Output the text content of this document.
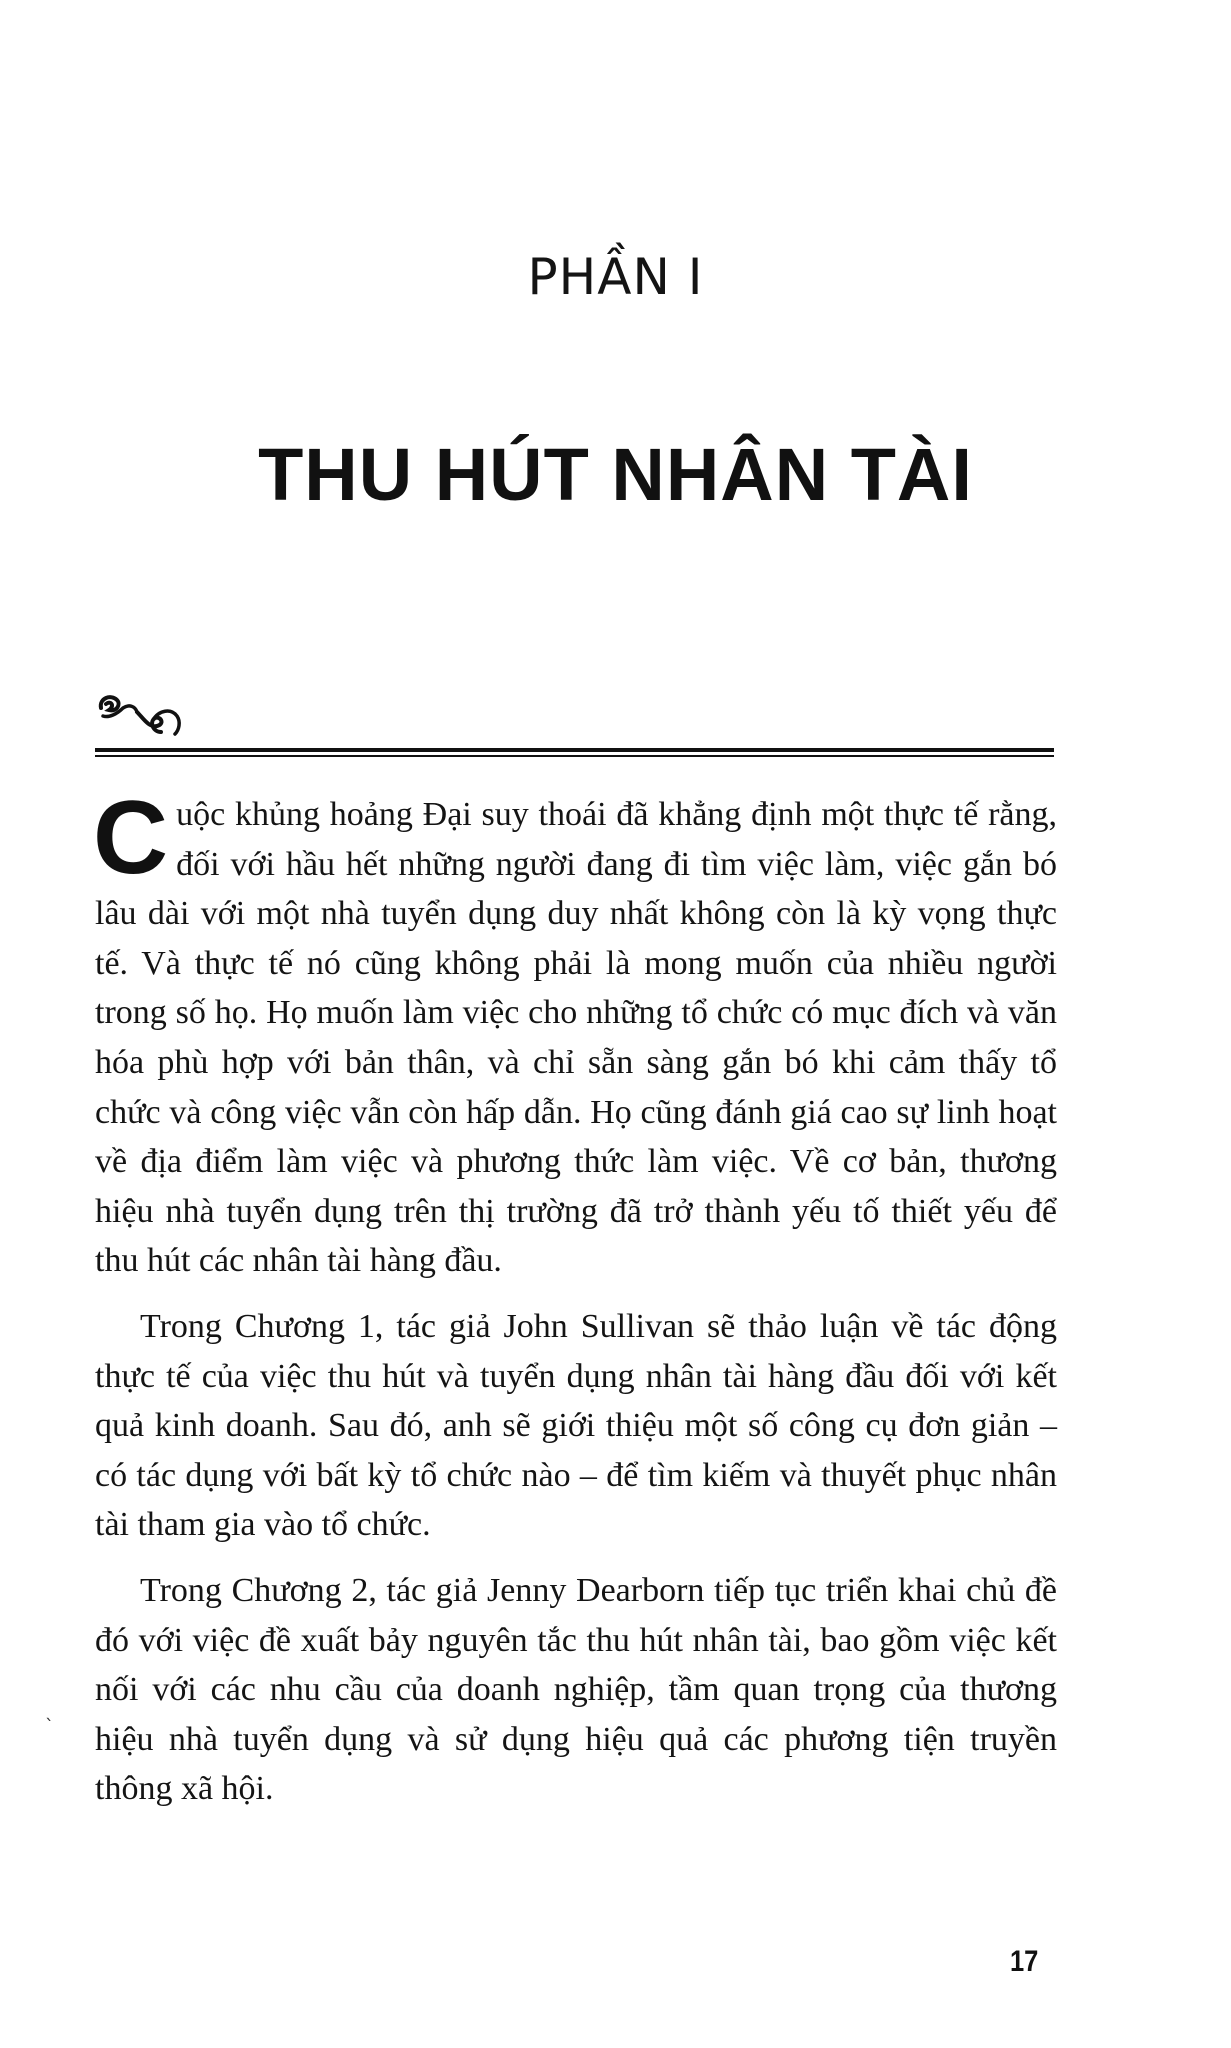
PHẦN I
THU HÚT NHÂN TÀI

Cuộc khủng hoảng Đại suy thoái đã khẳng định một thực tế rằng, đối với hầu hết những người đang đi tìm việc làm, việc gắn bó lâu dài với một nhà tuyển dụng duy nhất không còn là kỳ vọng thực tế. Và thực tế nó cũng không phải là mong muốn của nhiều người trong số họ. Họ muốn làm việc cho những tổ chức có mục đích và văn hóa phù hợp với bản thân, và chỉ sẵn sàng gắn bó khi cảm thấy tổ chức và công việc vẫn còn hấp dẫn. Họ cũng đánh giá cao sự linh hoạt về địa điểm làm việc và phương thức làm việc. Về cơ bản, thương hiệu nhà tuyển dụng trên thị trường đã trở thành yếu tố thiết yếu để thu hút các nhân tài hàng đầu.

Trong Chương 1, tác giả John Sullivan sẽ thảo luận về tác động thực tế của việc thu hút và tuyển dụng nhân tài hàng đầu đối với kết quả kinh doanh. Sau đó, anh sẽ giới thiệu một số công cụ đơn giản – có tác dụng với bất kỳ tổ chức nào – để tìm kiếm và thuyết phục nhân tài tham gia vào tổ chức.

Trong Chương 2, tác giả Jenny Dearborn tiếp tục triển khai chủ đề đó với việc đề xuất bảy nguyên tắc thu hút nhân tài, bao gồm việc kết nối với các nhu cầu của doanh nghiệp, tầm quan trọng của thương hiệu nhà tuyển dụng và sử dụng hiệu quả các phương tiện truyền thông xã hội.

`
17
